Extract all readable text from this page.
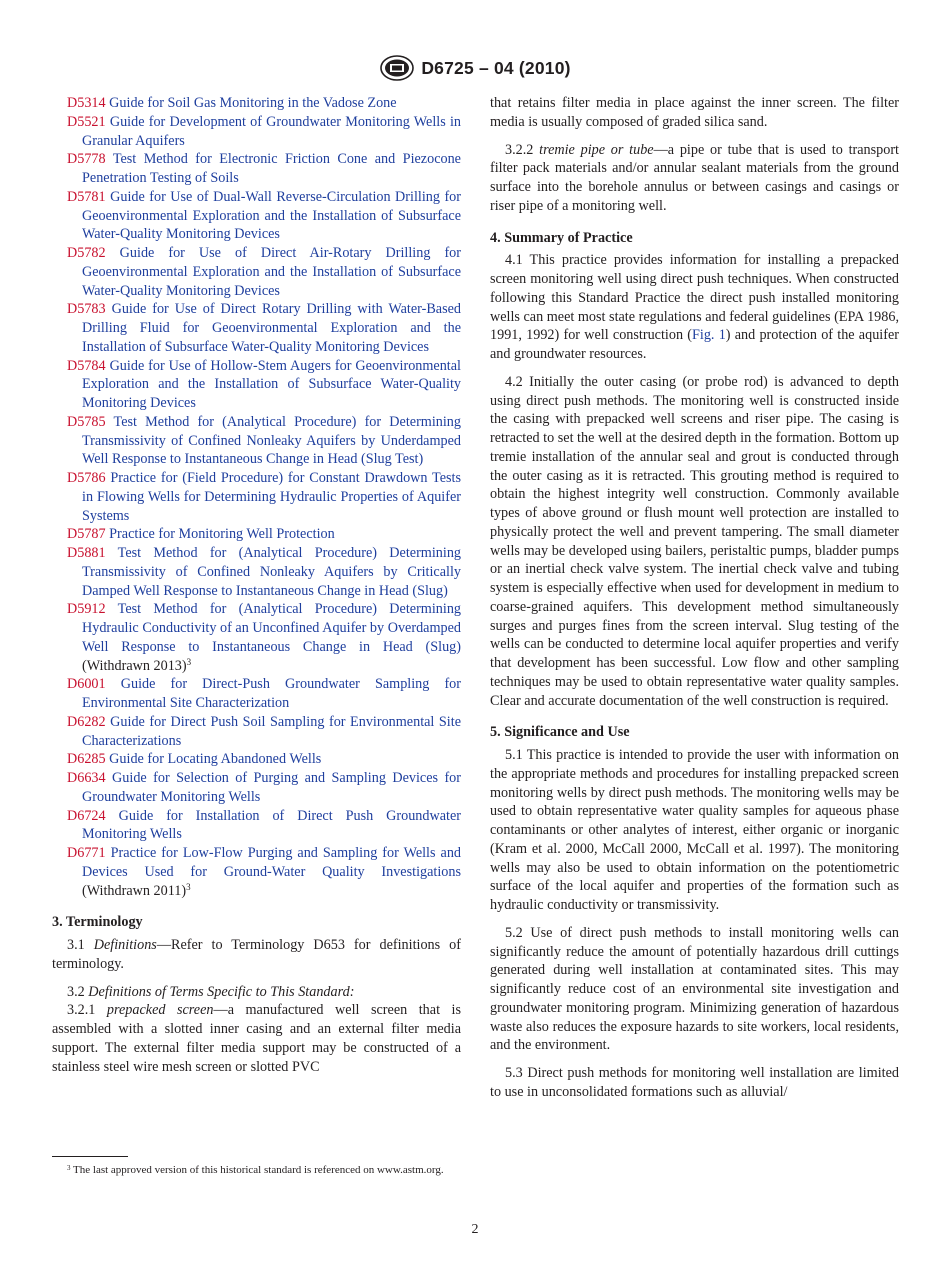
D6725 – 04 (2010)

D5314 Guide for Soil Gas Monitoring in the Vadose Zone

D5521 Guide for Development of Groundwater Monitoring Wells in Granular Aquifers

D5778 Test Method for Electronic Friction Cone and Piezocone Penetration Testing of Soils

D5781 Guide for Use of Dual-Wall Reverse-Circulation Drilling for Geoenvironmental Exploration and the Installation of Subsurface Water-Quality Monitoring Devices

D5782 Guide for Use of Direct Air-Rotary Drilling for Geoenvironmental Exploration and the Installation of Subsurface Water-Quality Monitoring Devices

D5783 Guide for Use of Direct Rotary Drilling with Water-Based Drilling Fluid for Geoenvironmental Exploration and the Installation of Subsurface Water-Quality Monitoring Devices

D5784 Guide for Use of Hollow-Stem Augers for Geoenvironmental Exploration and the Installation of Subsurface Water-Quality Monitoring Devices

D5785 Test Method for (Analytical Procedure) for Determining Transmissivity of Confined Nonleaky Aquifers by Underdamped Well Response to Instantaneous Change in Head (Slug Test)

D5786 Practice for (Field Procedure) for Constant Drawdown Tests in Flowing Wells for Determining Hydraulic Properties of Aquifer Systems

D5787 Practice for Monitoring Well Protection

D5881 Test Method for (Analytical Procedure) Determining Transmissivity of Confined Nonleaky Aquifers by Critically Damped Well Response to Instantaneous Change in Head (Slug)

D5912 Test Method for (Analytical Procedure) Determining Hydraulic Conductivity of an Unconfined Aquifer by Overdamped Well Response to Instantaneous Change in Head (Slug) (Withdrawn 2013)$^3$

D6001 Guide for Direct-Push Groundwater Sampling for Environmental Site Characterization

D6282 Guide for Direct Push Soil Sampling for Environmental Site Characterizations

D6285 Guide for Locating Abandoned Wells

D6634 Guide for Selection of Purging and Sampling Devices for Groundwater Monitoring Wells

D6724 Guide for Installation of Direct Push Groundwater Monitoring Wells

D6771 Practice for Low-Flow Purging and Sampling for Wells and Devices Used for Ground-Water Quality Investigations (Withdrawn 2011)$^3$

3. Terminology

3.1 Definitions—Refer to Terminology D653 for definitions of terminology.

3.2 Definitions of Terms Specific to This Standard:

3.2.1 prepacked screen—a manufactured well screen that is assembled with a slotted inner casing and an external filter media support. The external filter media support may be constructed of a stainless steel wire mesh screen or slotted PVC

$^3$ The last approved version of this historical standard is referenced on www.astm.org.

that retains filter media in place against the inner screen. The filter media is usually composed of graded silica sand.

3.2.2 tremie pipe or tube—a pipe or tube that is used to transport filter pack materials and/or annular sealant materials from the ground surface into the borehole annulus or between casings and casings or riser pipe of a monitoring well.

4. Summary of Practice

4.1 This practice provides information for installing a prepacked screen monitoring well using direct push techniques. When constructed following this Standard Practice the direct push installed monitoring wells can meet most state regulations and federal guidelines (EPA 1986, 1991, 1992) for well construction (Fig. 1) and protection of the aquifer and groundwater resources.

4.2 Initially the outer casing (or probe rod) is advanced to depth using direct push methods. The monitoring well is constructed inside the casing with prepacked well screens and riser pipe. The casing is retracted to set the well at the desired depth in the formation. Bottom up tremie installation of the annular seal and grout is conducted through the outer casing as it is retracted. This grouting method is required to obtain the highest integrity well construction. Commonly available types of above ground or flush mount well protection are installed to physically protect the well and prevent tampering. The small diameter wells may be developed using bailers, peristaltic pumps, bladder pumps or an inertial check valve system. The inertial check valve and tubing system is especially effective when used for development in medium to coarse-grained aquifers. This development method simultaneously surges and purges fines from the screen interval. Slug testing of the wells can be conducted to determine local aquifer properties and verify that development has been successful. Low flow and other sampling techniques may be used to obtain representative water quality samples. Clear and accurate documentation of the well construction is required.

5. Significance and Use

5.1 This practice is intended to provide the user with information on the appropriate methods and procedures for installing prepacked screen monitoring wells by direct push methods. The monitoring wells may be used to obtain representative water quality samples for aqueous phase contaminants or other analytes of interest, either organic or inorganic (Kram et al. 2000, McCall 2000, McCall et al. 1997). The monitoring wells may also be used to obtain information on the potentiometric surface of the local aquifer and properties of the formation such as hydraulic conductivity or transmissivity.

5.2 Use of direct push methods to install monitoring wells can significantly reduce the amount of potentially hazardous drill cuttings generated during well installation at contaminated sites. This may significantly reduce cost of an environmental site investigation and groundwater monitoring program. Minimizing generation of hazardous waste also reduces the exposure hazards to site workers, local residents, and the environment.

5.3 Direct push methods for monitoring well installation are limited to use in unconsolidated formations such as alluvial/

2
